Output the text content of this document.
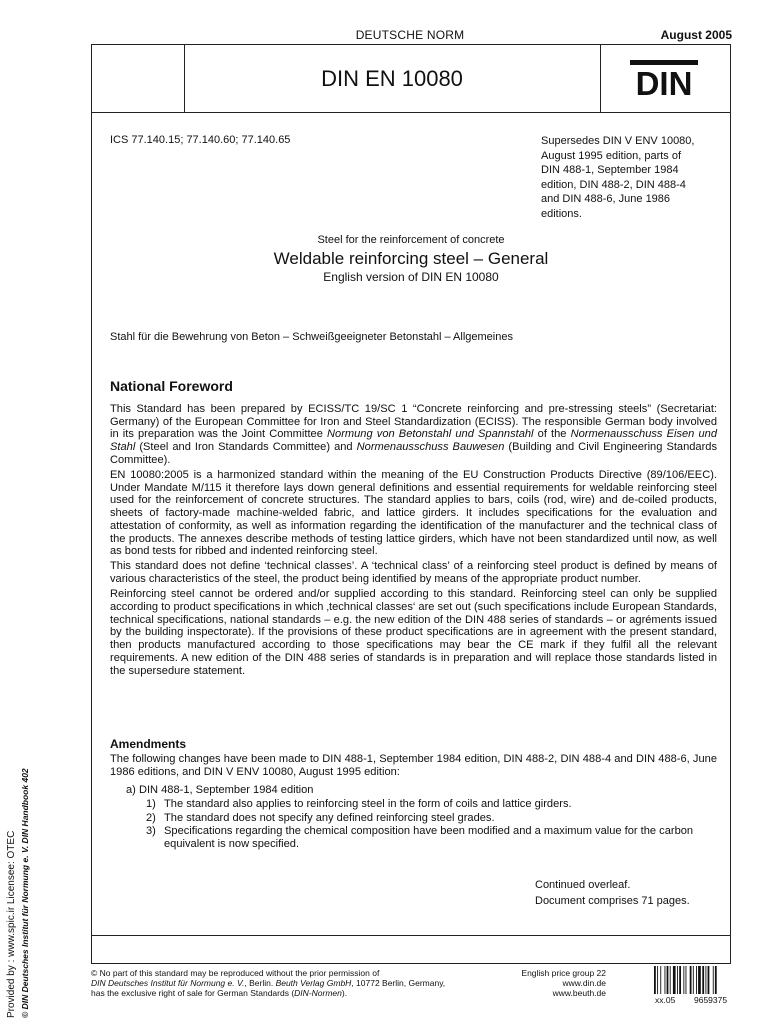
DEUTSCHE NORM	August 2005
DIN EN 10080	DIN
ICS 77.140.15; 77.140.60; 77.140.65	Supersedes DIN V ENV 10080,
August 1995 edition, parts of
DIN 488-1, September 1984
edition, DIN 488-2, DIN 488-4
and DIN 488-6, June 1986
editions.
Steel for the reinforcement of concrete
Weldable reinforcing steel – General
English version of DIN EN 10080
Stahl für die Bewehrung von Beton – Schweißgeeigneter Betonstahl – Allgemeines
National Foreword

This Standard has been prepared by ECISS/TC 19/SC 1 “Concrete reinforcing and pre-stressing steels” (Secretariat: Germany) of the European Committee for Iron and Steel Standardization (ECISS). The responsible German body involved in its preparation was the Joint Committee Normung von Betonstahl und Spannstahl of the Normenausschuss Eisen und Stahl (Steel and Iron Standards Committee) and Normenausschuss Bauwesen (Building and Civil Engineering Standards Committee).

EN 10080:2005 is a harmonized standard within the meaning of the EU Construction Products Directive (89/106/EEC). Under Mandate M/115 it therefore lays down general definitions and essential requirements for weldable reinforcing steel used for the reinforcement of concrete structures. The standard applies to bars, coils (rod, wire) and de-coiled products, sheets of factory-made machine-welded fabric, and lattice girders. It includes specifications for the evaluation and attestation of conformity, as well as information regarding the identification of the manufacturer and the technical class of the products. The annexes describe methods of testing lattice girders, which have not been standardized until now, as well as bond tests for ribbed and indented reinforcing steel.

This standard does not define ‘technical classes’. A ‘technical class’ of a reinforcing steel product is defined by means of various characteristics of the steel, the product being identified by means of the appropriate product number.

Reinforcing steel cannot be ordered and/or supplied according to this standard. Reinforcing steel can only be supplied according to product specifications in which ‚technical classes‘ are set out (such specifications include European Standards, technical specifications, national standards – e.g. the new edition of the DIN 488 series of standards – or agréments issued by the building inspectorate). If the provisions of these product specifications are in agreement with the present standard, then products manufactured according to those specifications may bear the CE mark if they fulfil all the relevant requirements. A new edition of the DIN 488 series of standards is in preparation and will replace those standards listed in the supersedure statement.

Amendments

The following changes have been made to DIN 488-1, September 1984 edition, DIN 488-2, DIN 488-4 and DIN 488-6, June 1986 editions, and DIN V ENV 10080, August 1995 edition:

a) DIN 488-1, September 1984 edition
1) The standard also applies to reinforcing steel in the form of coils and lattice girders.
2) The standard does not specify any defined reinforcing steel grades.
3) Specifications regarding the chemical composition have been modified and a maximum value for the carbon equivalent is now specified.
Continued overleaf.
Document comprises 71 pages.
© No part of this standard may be reproduced without the prior permission of
DIN Deutsches Institut für Normung e. V., Berlin. Beuth Verlag GmbH, 10772 Berlin, Germany,
has the exclusive right of sale for German Standards (DIN-Normen).
English price group 22
www.din.de
www.beuth.de
xx.05 9659375
Provided by : www.spic.ir Licensee: OTEC © DIN Deutsches Institut für Normung e. V. DIN Handbook 402
